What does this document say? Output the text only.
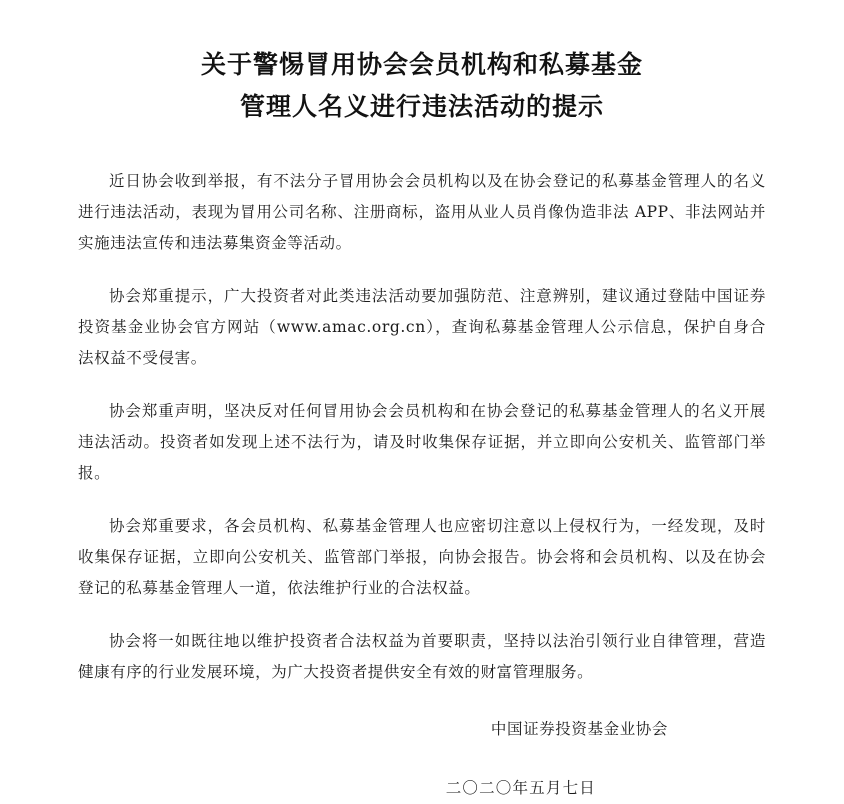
关于警惕冒用协会会员机构和私募基金
管理人名义进行违法活动的提示

近日协会收到举报，有不法分子冒用协会会员机构以及在协会登记的私募基金管理人的名义进行违法活动，表现为冒用公司名称、注册商标，盗用从业人员肖像伪造非法 APP、非法网站并实施违法宣传和违法募集资金等活动。

协会郑重提示，广大投资者对此类违法活动要加强防范、注意辨别，建议通过登陆中国证券投资基金业协会官方网站（www.amac.org.cn），查询私募基金管理人公示信息，保护自身合法权益不受侵害。

协会郑重声明，坚决反对任何冒用协会会员机构和在协会登记的私募基金管理人的名义开展违法活动。投资者如发现上述不法行为，请及时收集保存证据，并立即向公安机关、监管部门举报。

协会郑重要求，各会员机构、私募基金管理人也应密切注意以上侵权行为，一经发现，及时收集保存证据，立即向公安机关、监管部门举报，向协会报告。协会将和会员机构、以及在协会登记的私募基金管理人一道，依法维护行业的合法权益。

协会将一如既往地以维护投资者合法权益为首要职责，坚持以法治引领行业自律管理，营造健康有序的行业发展环境，为广大投资者提供安全有效的财富管理服务。

中国证券投资基金业协会

二〇二〇年五月七日
